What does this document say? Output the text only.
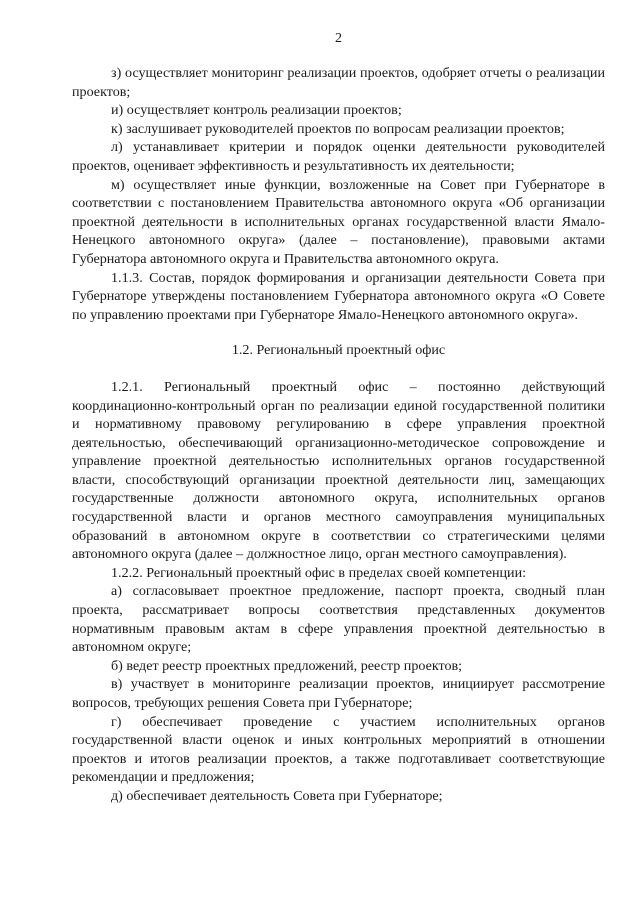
2

з) осуществляет мониторинг реализации проектов, одобряет отчеты о реализации проектов;

и) осуществляет контроль реализации проектов;

к) заслушивает руководителей проектов по вопросам реализации проектов;

л) устанавливает критерии и порядок оценки деятельности руководителей проектов, оценивает эффективность и результативность их деятельности;

м) осуществляет иные функции, возложенные на Совет при Губернаторе в соответствии с постановлением Правительства автономного округа «Об организации проектной деятельности в исполнительных органах государственной власти Ямало-Ненецкого автономного округа» (далее – постановление), правовыми актами Губернатора автономного округа и Правительства автономного округа.

1.1.3. Состав, порядок формирования и организации деятельности Совета при Губернаторе утверждены постановлением Губернатора автономного округа «О Совете по управлению проектами при Губернаторе Ямало-Ненецкого автономного округа».

1.2. Региональный проектный офис

1.2.1. Региональный проектный офис – постоянно действующий координационно-контрольный орган по реализации единой государственной политики и нормативному правовому регулированию в сфере управления проектной деятельностью, обеспечивающий организационно-методическое сопровождение и управление проектной деятельностью исполнительных органов государственной власти, способствующий организации проектной деятельности лиц, замещающих государственные должности автономного округа, исполнительных органов государственной власти и органов местного самоуправления муниципальных образований в автономном округе в соответствии со стратегическими целями автономного округа (далее – должностное лицо, орган местного самоуправления).

1.2.2. Региональный проектный офис в пределах своей компетенции:

а) согласовывает проектное предложение, паспорт проекта, сводный план проекта, рассматривает вопросы соответствия представленных документов нормативным правовым актам в сфере управления проектной деятельностью в автономном округе;

б) ведет реестр проектных предложений, реестр проектов;

в) участвует в мониторинге реализации проектов, инициирует рассмотрение вопросов, требующих решения Совета при Губернаторе;

г) обеспечивает проведение с участием исполнительных органов государственной власти оценок и иных контрольных мероприятий в отношении проектов и итогов реализации проектов, а также подготавливает соответствующие рекомендации и предложения;

д) обеспечивает деятельность Совета при Губернаторе;
